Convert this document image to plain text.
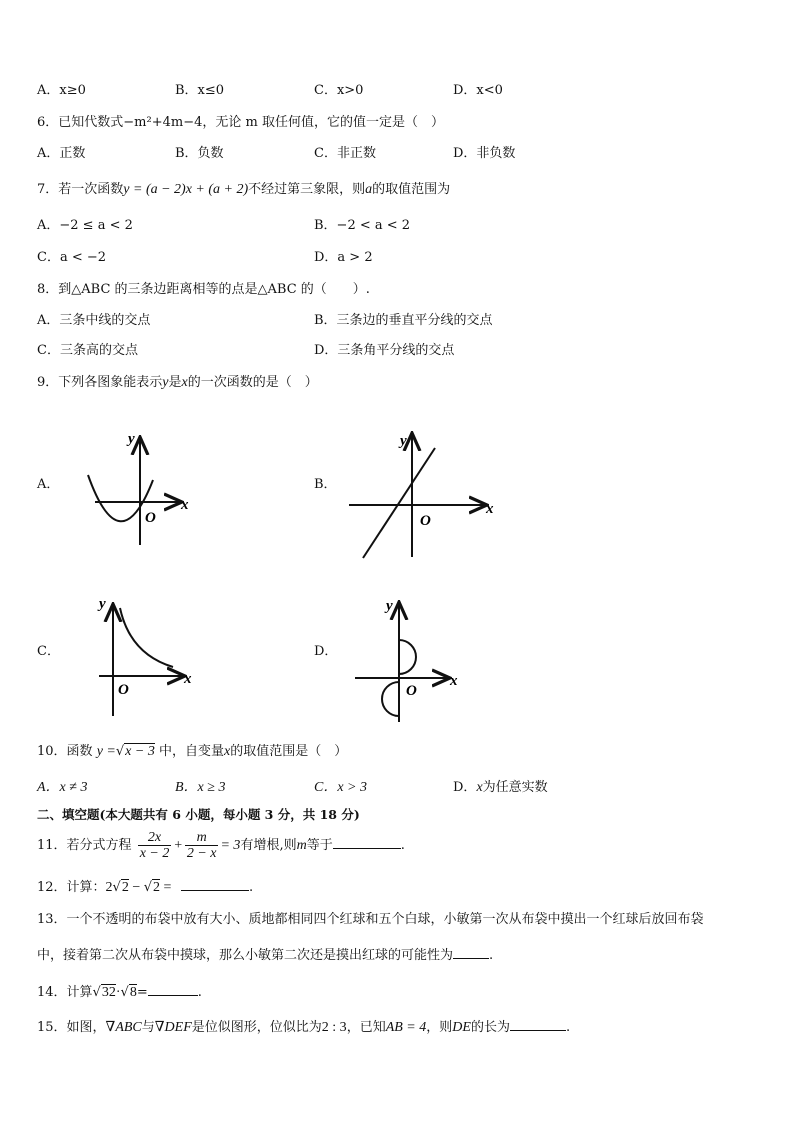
A．x≥0	B．x≤0	C．x>0	D．x<0
6．已知代数式−m²+4m−4，无论 m 取任何值，它的值一定是（　）
A．正数	B．负数	C．非正数	D．非负数
7．若一次函数y = (a − 2)x + (a + 2)不经过第三象限，则a的取值范围为
A．−2 ≤ a < 2	B．−2 < a < 2
C．a < −2	D．a > 2
8．到△ABC 的三条边距离相等的点是△ABC 的（　　）.
A．三条中线的交点	B．三条边的垂直平分线的交点
C．三条高的交点	D．三条角平分线的交点
9．下列各图象能表示y是x的一次函数的是（　）
A．	B．
C．	D．
y
x
O
y
x
O
y
x
O
y
x
O
10．函数 y =√x − 3 中，自变量x的取值范围是（　）
A．x ≠ 3	B．x ≥ 3	C．x > 3	D．x为任意实数
二、填空题(本大题共有 6 小题，每小题 3 分，共 18 分)
11．若分式方程 $\frac{2x}{x - 2} + \frac{m}{2 - x} = 3$有增根,则m等于	.
12．计算：2√2 − √2 =	.
13．一个不透明的布袋中放有大小、质地都相同四个红球和五个白球，小敏第一次从布袋中摸出一个红球后放回布袋
中，接着第二次从布袋中摸球，那么小敏第二次还是摸出红球的可能性为	.
14．计算√32·√8=	.
15．如图，∇ABC与∇DEF是位似图形，位似比为2 : 3，已知AB = 4，则DE的长为	.
